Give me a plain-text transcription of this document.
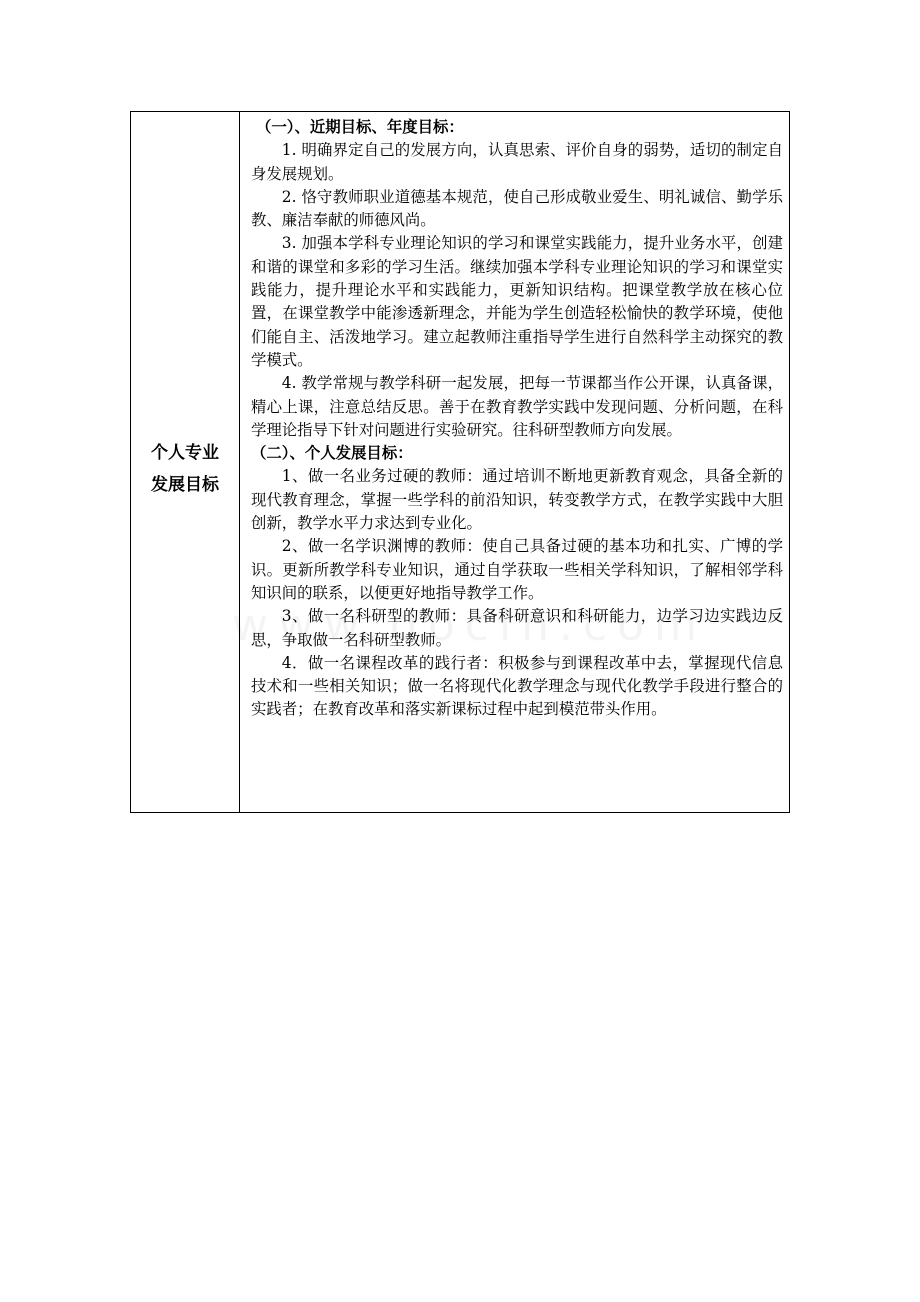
个人专业
发展目标
（一）、近期目标、年度目标：

1. 明确界定自己的发展方向，认真思索、评价自身的弱势，适切的制定自身发展规划。

2. 恪守教师职业道德基本规范，使自己形成敬业爱生、明礼诚信、勤学乐教、廉洁奉献的师德风尚。

3. 加强本学科专业理论知识的学习和课堂实践能力，提升业务水平，创建和谐的课堂和多彩的学习生活。继续加强本学科专业理论知识的学习和课堂实践能力，提升理论水平和实践能力，更新知识结构。把课堂教学放在核心位置，在课堂教学中能渗透新理念，并能为学生创造轻松愉快的教学环境，使他们能自主、活泼地学习。建立起教师注重指导学生进行自然科学主动探究的教学模式。

4. 教学常规与教学科研一起发展，把每一节课都当作公开课，认真备课，精心上课，注意总结反思。善于在教育教学实践中发现问题、分析问题，在科学理论指导下针对问题进行实验研究。往科研型教师方向发展。

（二）、个人发展目标：

1、做一名业务过硬的教师：通过培训不断地更新教育观念，具备全新的现代教育理念，掌握一些学科的前沿知识，转变教学方式，在教学实践中大胆创新，教学水平力求达到专业化。

2、做一名学识渊博的教师：使自己具备过硬的基本功和扎实、广博的学识。更新所教学科专业知识，通过自学获取一些相关学科知识，了解相邻学科知识间的联系，以便更好地指导教学工作。

3、做一名科研型的教师：具备科研意识和科研能力，边学习边实践边反思，争取做一名科研型教师。

4．做一名课程改革的践行者：积极参与到课程改革中去，掌握现代信息技术和一些相关知识；做一名将现代化教学理念与现代化教学手段进行整合的实践者；在教育改革和落实新课标过程中起到模范带头作用。
